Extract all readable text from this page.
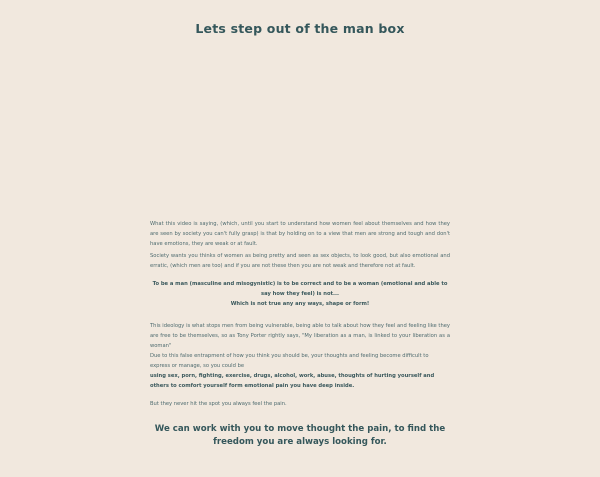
Lets step out of the man box

What this video is saying, (which, until you start to understand how women feel about themselves and how they are seen by society you can't fully grasp) is that by holding on to a view that men are strong and tough and don't have emotions, they are weak or at fault.

Society wants you thinks of women as being pretty and seen as sex objects, to look good, but also emotional and erratic, (which men are too) and if you are not these then you are not weak and therefore not at fault.

To be a man (masculine and misogynistic) is to be correct and to be a woman (emotional and able to say how they feel) is not...

Which is not true any any ways, shape or form!

This ideology is what stops men from being vulnerable, being able to talk about how they feel and feeling like they are free to be themselves, so as Tony Porter rightly says, "My liberation as a man, is linked to your liberation as a woman"

Due to this false entrapment of how you think you should be, your thoughts and feeling become difficult to express or manage, so you could be

using sex, porn, fighting, exercise, drugs, alcohol, work, abuse, thoughts of hurting yourself and others to comfort yourself form emotional pain you have deep inside.

But they never hit the spot you always feel the pain.

We can work with you to move thought the pain, to find the freedom you are always looking for.
